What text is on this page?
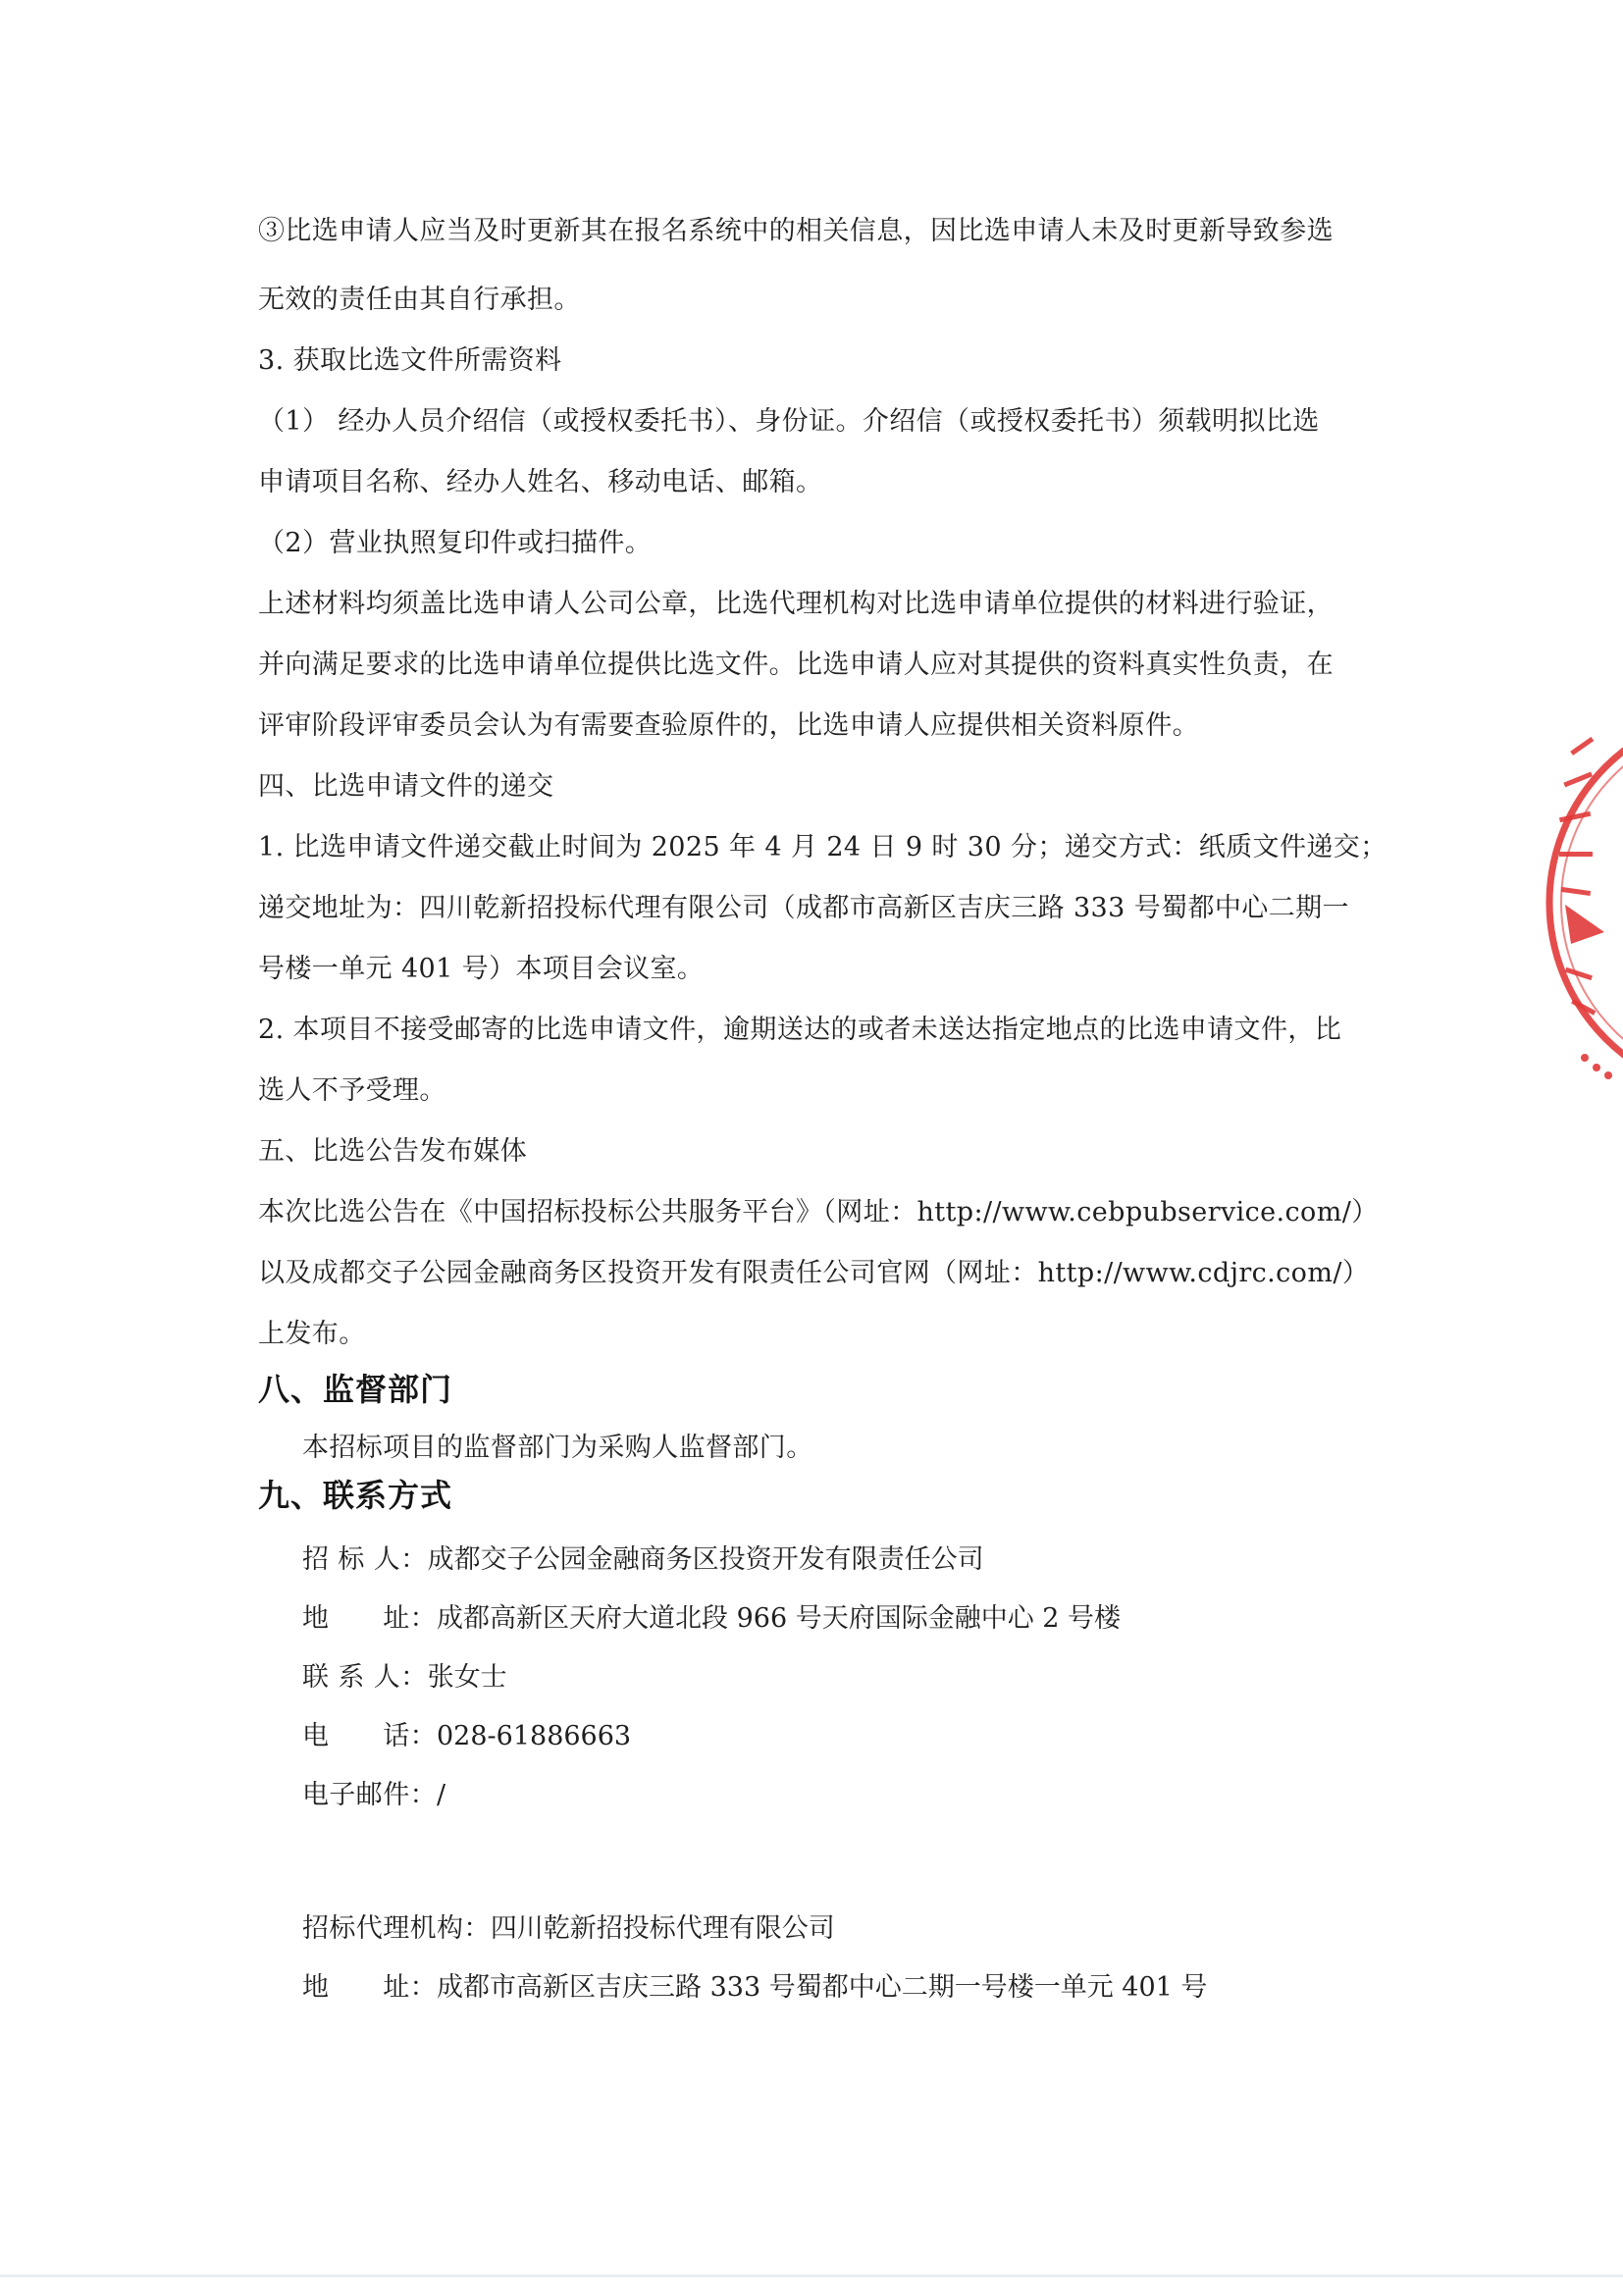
③比选申请人应当及时更新其在报名系统中的相关信息，因比选申请人未及时更新导致参选

无效的责任由其自行承担。

3. 获取比选文件所需资料

（1） 经办人员介绍信（或授权委托书）、身份证。介绍信（或授权委托书）须载明拟比选

申请项目名称、经办人姓名、移动电话、邮箱。

（2）营业执照复印件或扫描件。

上述材料均须盖比选申请人公司公章，比选代理机构对比选申请单位提供的材料进行验证，

并向满足要求的比选申请单位提供比选文件。比选申请人应对其提供的资料真实性负责，在

评审阶段评审委员会认为有需要查验原件的，比选申请人应提供相关资料原件。

四、比选申请文件的递交

1. 比选申请文件递交截止时间为 2025 年 4 月 24 日 9 时 30 分；递交方式：纸质文件递交；

递交地址为：四川乾新招投标代理有限公司（成都市高新区吉庆三路 333 号蜀都中心二期一

号楼一单元 401 号）本项目会议室。

2. 本项目不接受邮寄的比选申请文件，逾期送达的或者未送达指定地点的比选申请文件，比

选人不予受理。

五、比选公告发布媒体

本次比选公告在《中国招标投标公共服务平台》（网址：http://www.cebpubservice.com/）

以及成都交子公园金融商务区投资开发有限责任公司官网（网址：http://www.cdjrc.com/）

上发布。

八、监督部门

本招标项目的监督部门为采购人监督部门。

九、联系方式

招 标 人：成都交子公园金融商务区投资开发有限责任公司

地　　址：成都高新区天府大道北段 966 号天府国际金融中心 2 号楼

联 系 人：张女士

电　　话：028-61886663

电子邮件：/

招标代理机构：四川乾新招投标代理有限公司

地　　址：成都市高新区吉庆三路 333 号蜀都中心二期一号楼一单元 401 号
